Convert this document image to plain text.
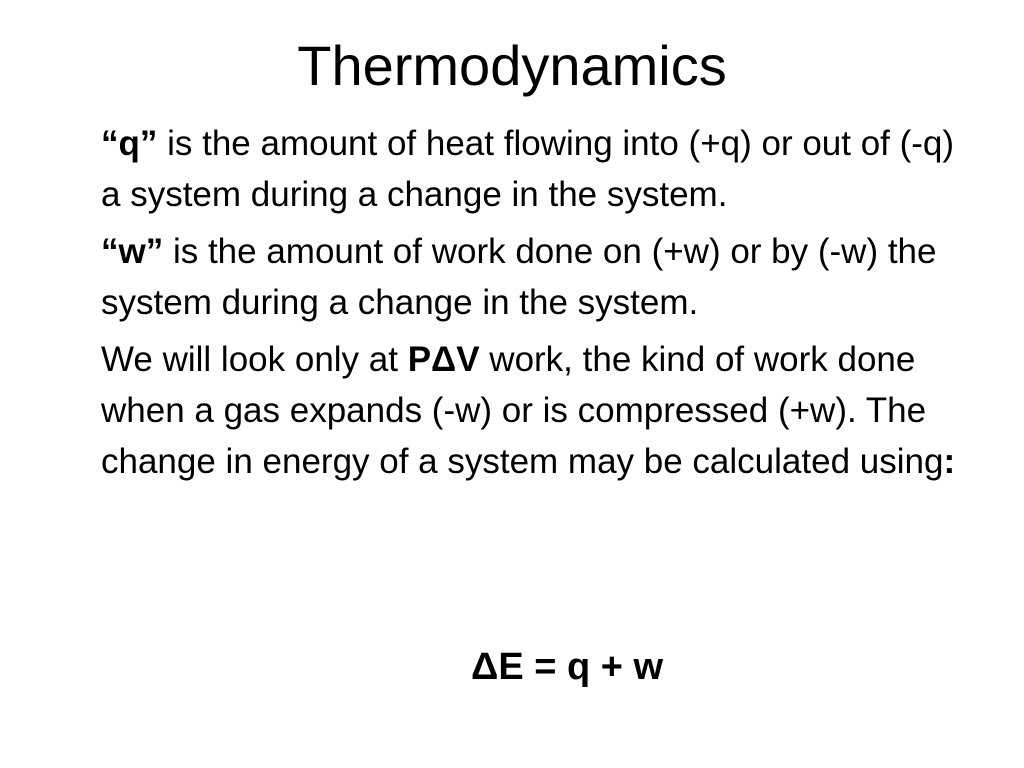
Thermodynamics

“q” is the amount of heat flowing into (+q) or out of (-q) a system during a change in the system.

“w” is the amount of work done on (+w) or by (-w) the system during a change in the system.

We will look only at PΔV work, the kind of work done when a gas expands (-w) or is compressed (+w). The change in energy of a system may be calculated using:

ΔE = q + w
